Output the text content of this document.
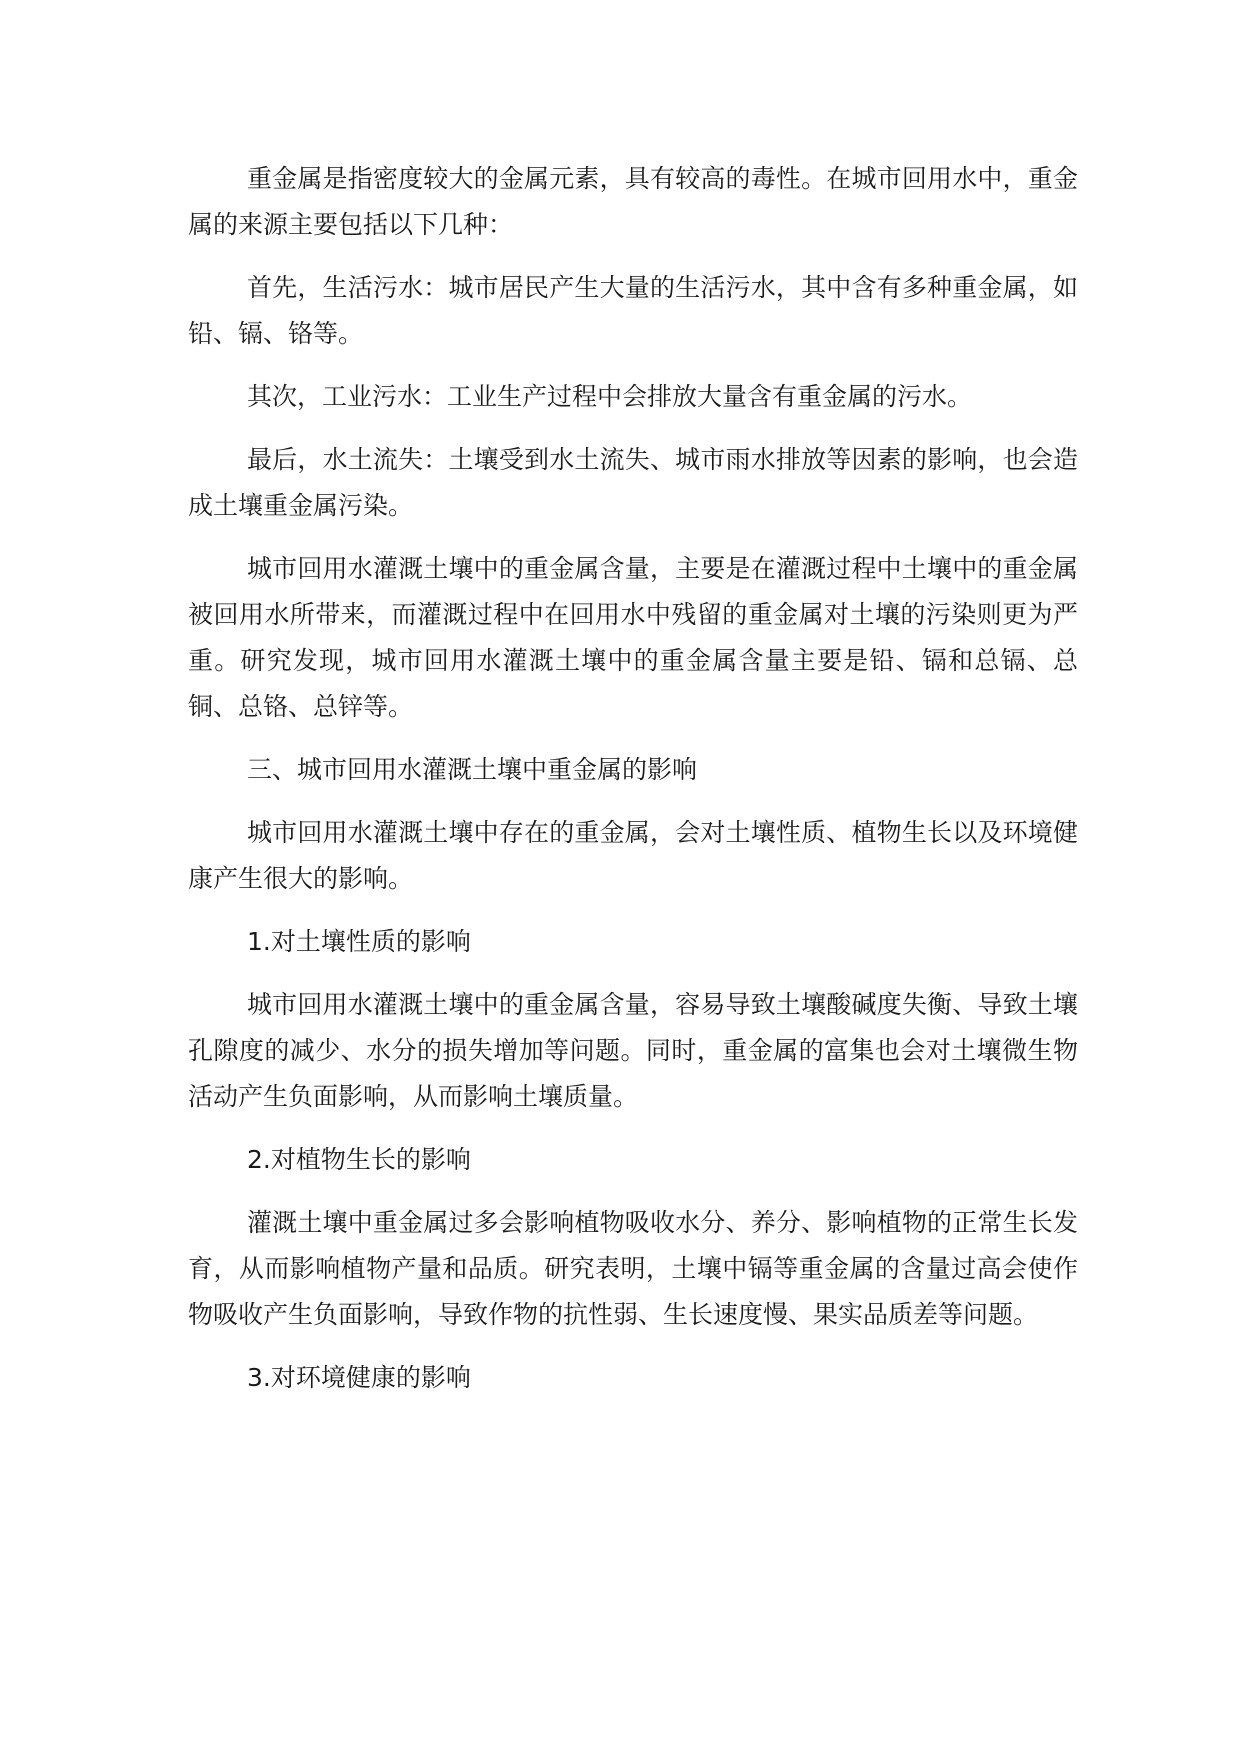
重金属是指密度较大的金属元素，具有较高的毒性。在城市回用水中，重金属的来源主要包括以下几种：

首先，生活污水：城市居民产生大量的生活污水，其中含有多种重金属，如铅、镉、铬等。

其次，工业污水：工业生产过程中会排放大量含有重金属的污水。

最后，水土流失：土壤受到水土流失、城市雨水排放等因素的影响，也会造成土壤重金属污染。

城市回用水灌溉土壤中的重金属含量，主要是在灌溉过程中土壤中的重金属被回用水所带来，而灌溉过程中在回用水中残留的重金属对土壤的污染则更为严重。研究发现，城市回用水灌溉土壤中的重金属含量主要是铅、镉和总镉、总铜、总铬、总锌等。

三、城市回用水灌溉土壤中重金属的影响

城市回用水灌溉土壤中存在的重金属，会对土壤性质、植物生长以及环境健康产生很大的影响。

1.对土壤性质的影响

城市回用水灌溉土壤中的重金属含量，容易导致土壤酸碱度失衡、导致土壤孔隙度的减少、水分的损失增加等问题。同时，重金属的富集也会对土壤微生物活动产生负面影响，从而影响土壤质量。

2.对植物生长的影响

灌溉土壤中重金属过多会影响植物吸收水分、养分、影响植物的正常生长发育，从而影响植物产量和品质。研究表明，土壤中镉等重金属的含量过高会使作物吸收产生负面影响，导致作物的抗性弱、生长速度慢、果实品质差等问题。

3.对环境健康的影响
